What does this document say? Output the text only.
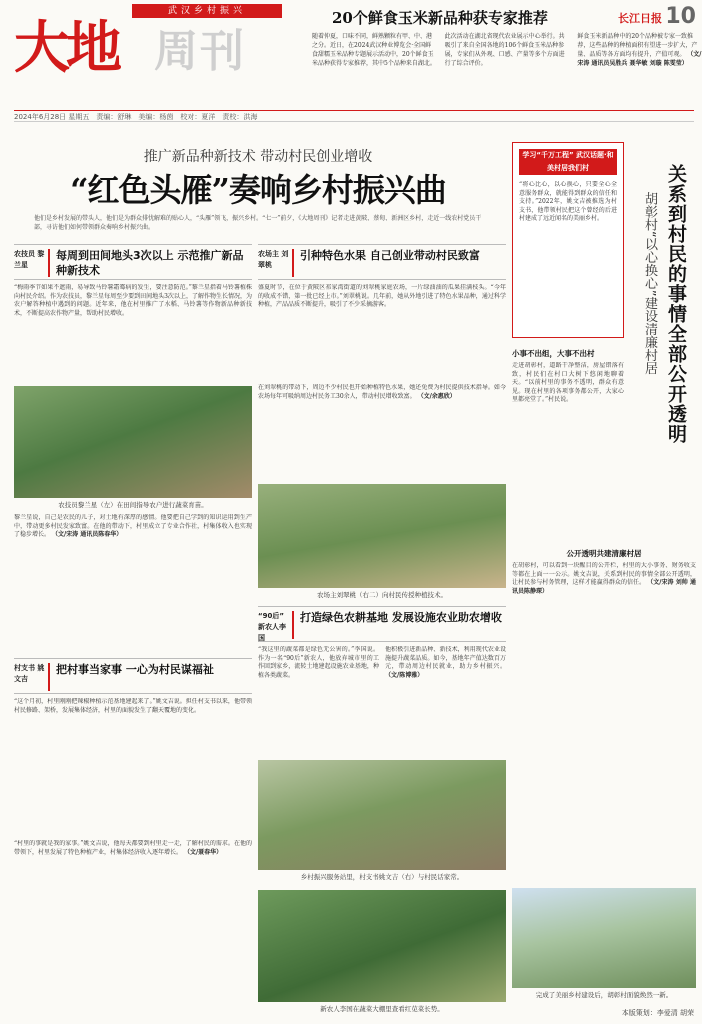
武汉乡村振兴
大地 周刊
20个鲜食玉米新品种获专家推荐	长江日报 10
随着仲夏，口味不同，鲜熟颗粒有甲、中、港之分。近日，在2024武汉种业博览会·全国鲜食甜糯玉米品种专题展示活动中，20个鲜食玉米品种获得专家推荐，其中5个品种来自湖北。
此次活动在湖北省现代农业展示中心举行。共吸引了来自全国各地的106个鲜食玉米品种参展，专家们从外观、口感、产量等多个方面进行了综合评价。
鲜食玉米新品种中的20个品种被专家一致推荐，这些品种的种植面积有望进一步扩大，产量、品质等各方面均有提升，产值可观。 （文/宋涛 通讯员吴胜兵 聂华敏 刘璇 陈雯莹）
2024年6月28日 星期五　责编：舒琳　美编：杨茵　校对：夏洋　责校：洪海
推广新品种新技术 带动村民创业增收
“红色头雁”奏响乡村振兴曲
他们是乡村发展的带头人，他们是为群众排忧解难的贴心人，“头雁”领飞，振兴乡村。“七一”前夕，《大地周刊》记者走进黄陂、蔡甸、新洲区乡村，走近一线农村党员干部，寻访他们如何带领群众奏响乡村振兴曲。
农技员 黎兰星
每周到田间地头3次以上 示范推广新品种新技术
“梅雨季节如果不遮雨，易导致马铃薯霜霉病的发生，要注意防范。”黎兰星指着马铃薯植株向村民介绍。作为农技员，黎兰星每周至少要到田间地头3次以上，了解作物生长情况，为农户解答种植中遇到的问题。近年来，他在村里推广了水稻、马铃薯等作物新品种新技术，不断提高农作物产量，帮助村民增收。
农技员黎兰星（左）在田间指导农户进行蔬菜育苗。
黎兰星说，自己是农民的儿子，对土地有深厚的感情。他要把自己学到的知识运用到生产中，带动更多村民发家致富。在他的带动下，村里成立了专业合作社，村集体收入也实现了稳步增长。 （文/宋涛 通讯员陈春华）
村支书 姚文吉
把村事当家事 一心为村民谋福祉
“这个月初，村里刚刚把辣椒种植示范基地建起来了。”姚文吉说。担任村支书以来，他带领村民修路、架桥，发展集体经济，村里的面貌发生了翻天覆地的变化。
“村里的事就是我的家事。”姚文吉说，他每天都要到村里走一走，了解村民的需求。在他的带领下，村里发展了特色种植产业，村集体经济收入逐年增长。 （文/聂春华）
农场主 刘翠桃
引种特色水果 自己创业带动村民致富
盛夏时节，在位于黄陂区祁家湾街道的刘翠桃家庭农场，一片绿油油的瓜果挂满枝头。“今年的收成不错，第一批已经上市。”刘翠桃说。几年前，她从外地引进了特色水果品种，通过科学种植，产品品质不断提升，吸引了不少采摘游客。
在刘翠桃的带动下，周边不少村民也开始种植特色水果，她还免费为村民提供技术指导。如今农场每年可吸纳周边村民务工30余人，带动村民增收致富。 （文/余惠欣）
农场主刘翠桃（右二）向村民传授种植技术。
“90后” 新农人李国
打造绿色农耕基地 发展设施农业助农增收
“我这里的蔬菜都是绿色无公害的。”李国说。作为一名“90后”新农人，他放弃城市里的工作回到家乡，流转土地建起设施农业基地，种植各类蔬菜。
他积极引进新品种、新技术，利用现代农业设施提升蔬菜品质。如今，基地年产值达数百万元，带动周边村民就业，助力乡村振兴。 （文/陈博雅）
乡村振兴服务站里，村支书姚文吉（右）与村民话家常。
新农人李国在蔬菜大棚里查看红苋菜长势。
学习“千万工程” 武汉话题·和美村居我们村
“将心比心，以心换心，只要全心全意服务群众，就能得到群众的信任和支持。”2022年，姚文吉被推选为村支书，他带领村民把这个曾经的后进村建成了远近闻名的美丽乡村。	关系到村民的事情全部公开透明
胡彰村“以心换心”建设清廉村居
小事不出组，大事不出村
走进胡彰村，道路干净整洁，房屋错落有致，村民们在村口大树下悠闲地聊着天。“以前村里的事务不透明，群众有意见。现在村里的各项事务都公开，大家心里都亮堂了。”村民说。
公开透明共建清廉村居
在胡彰村，可以看到一块醒目的公开栏，村里的大小事务、财务收支等都在上面一一公示。姚文吉说，关系到村民的事情全部公开透明，让村民参与村务管理，这样才能赢得群众的信任。 （文/宋涛 刘帅 通讯员陈静琛）
完成了美丽乡村建设后，胡彰村面貌焕然一新。
本版策划：李爱清 胡荣
